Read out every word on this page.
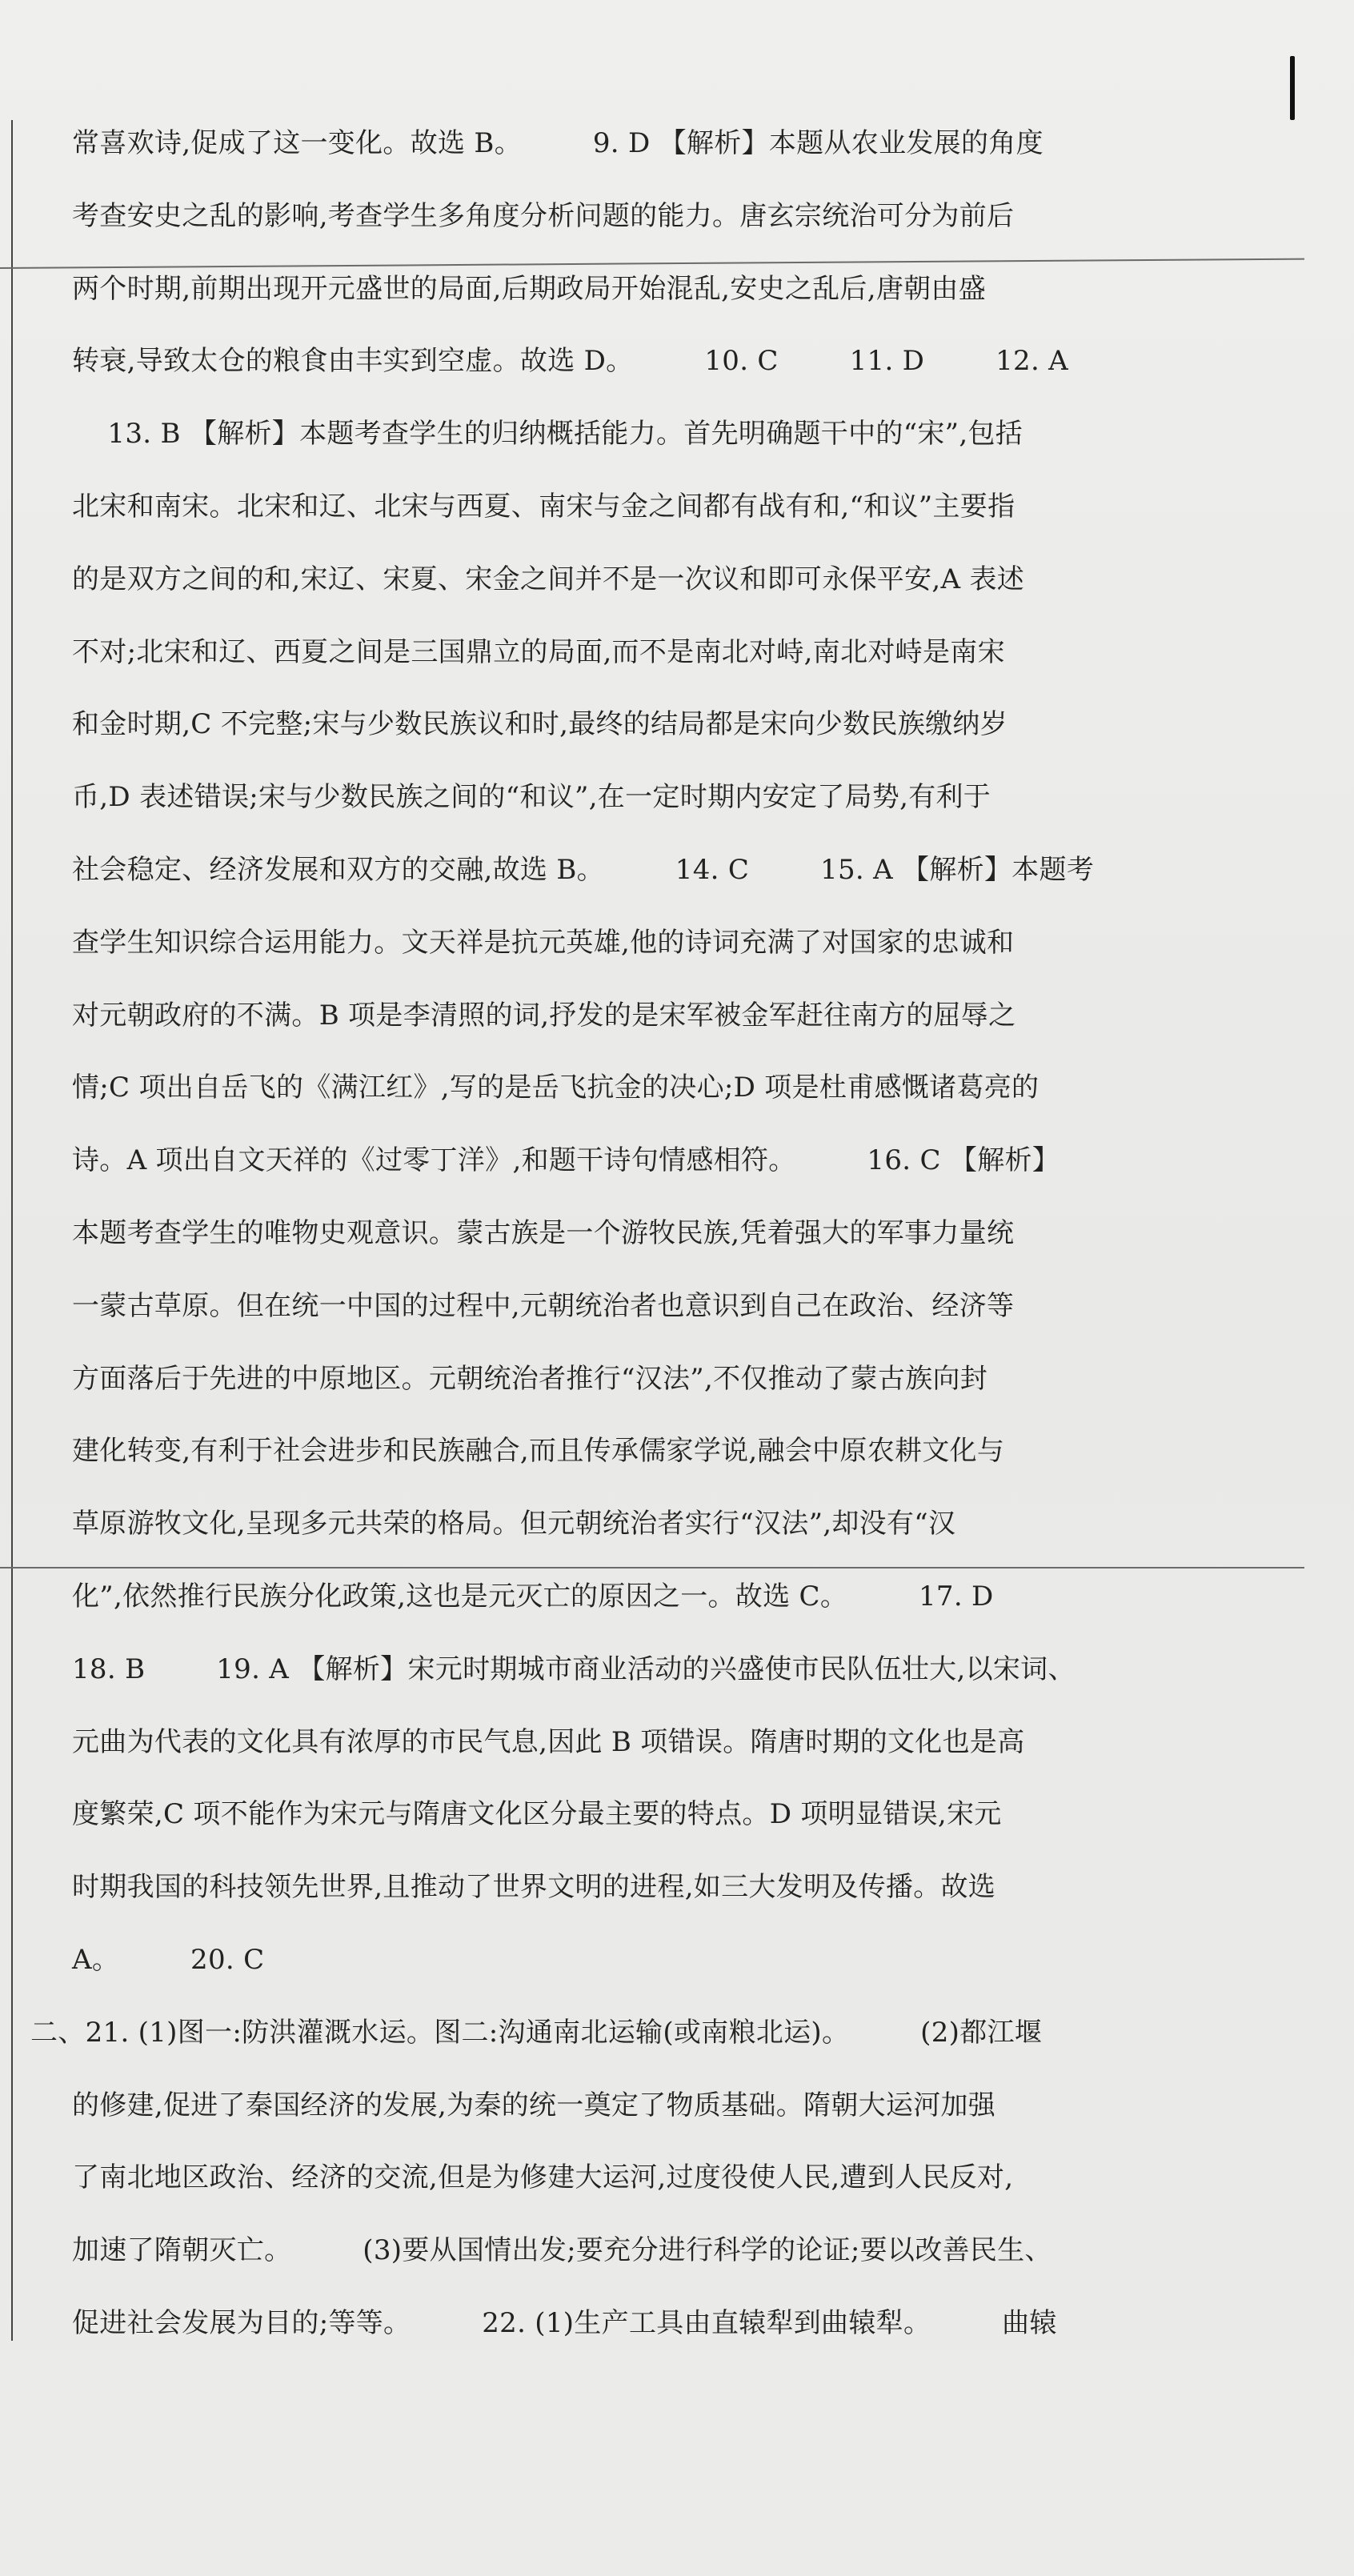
常喜欢诗,促成了这一变化。故选 B。        9. D 【解析】本题从农业发展的角度
考查安史之乱的影响,考查学生多角度分析问题的能力。唐玄宗统治可分为前后
两个时期,前期出现开元盛世的局面,后期政局开始混乱,安史之乱后,唐朝由盛
转衰,导致太仓的粮食由丰实到空虚。故选 D。        10. C        11. D        12. A
13. B 【解析】本题考查学生的归纳概括能力。首先明确题干中的“宋”,包括
北宋和南宋。北宋和辽、北宋与西夏、南宋与金之间都有战有和,“和议”主要指
的是双方之间的和,宋辽、宋夏、宋金之间并不是一次议和即可永保平安,A 表述
不对;北宋和辽、西夏之间是三国鼎立的局面,而不是南北对峙,南北对峙是南宋
和金时期,C 不完整;宋与少数民族议和时,最终的结局都是宋向少数民族缴纳岁
币,D 表述错误;宋与少数民族之间的“和议”,在一定时期内安定了局势,有利于
社会稳定、经济发展和双方的交融,故选 B。        14. C        15. A 【解析】本题考
查学生知识综合运用能力。文天祥是抗元英雄,他的诗词充满了对国家的忠诚和
对元朝政府的不满。B 项是李清照的词,抒发的是宋军被金军赶往南方的屈辱之
情;C 项出自岳飞的《满江红》,写的是岳飞抗金的决心;D 项是杜甫感慨诸葛亮的
诗。A 项出自文天祥的《过零丁洋》,和题干诗句情感相符。        16. C 【解析】
本题考查学生的唯物史观意识。蒙古族是一个游牧民族,凭着强大的军事力量统
一蒙古草原。但在统一中国的过程中,元朝统治者也意识到自己在政治、经济等
方面落后于先进的中原地区。元朝统治者推行“汉法”,不仅推动了蒙古族向封
建化转变,有利于社会进步和民族融合,而且传承儒家学说,融会中原农耕文化与
草原游牧文化,呈现多元共荣的格局。但元朝统治者实行“汉法”,却没有“汉
化”,依然推行民族分化政策,这也是元灭亡的原因之一。故选 C。        17. D
18. B        19. A 【解析】宋元时期城市商业活动的兴盛使市民队伍壮大,以宋词、
元曲为代表的文化具有浓厚的市民气息,因此 B 项错误。隋唐时期的文化也是高
度繁荣,C 项不能作为宋元与隋唐文化区分最主要的特点。D 项明显错误,宋元
时期我国的科技领先世界,且推动了世界文明的进程,如三大发明及传播。故选
A。        20. C
二、21. (1)图一:防洪灌溉水运。图二:沟通南北运输(或南粮北运)。        (2)都江堰
的修建,促进了秦国经济的发展,为秦的统一奠定了物质基础。隋朝大运河加强
了南北地区政治、经济的交流,但是为修建大运河,过度役使人民,遭到人民反对,
加速了隋朝灭亡。        (3)要从国情出发;要充分进行科学的论证;要以改善民生、
促进社会发展为目的;等等。        22. (1)生产工具由直辕犁到曲辕犁。        曲辕
